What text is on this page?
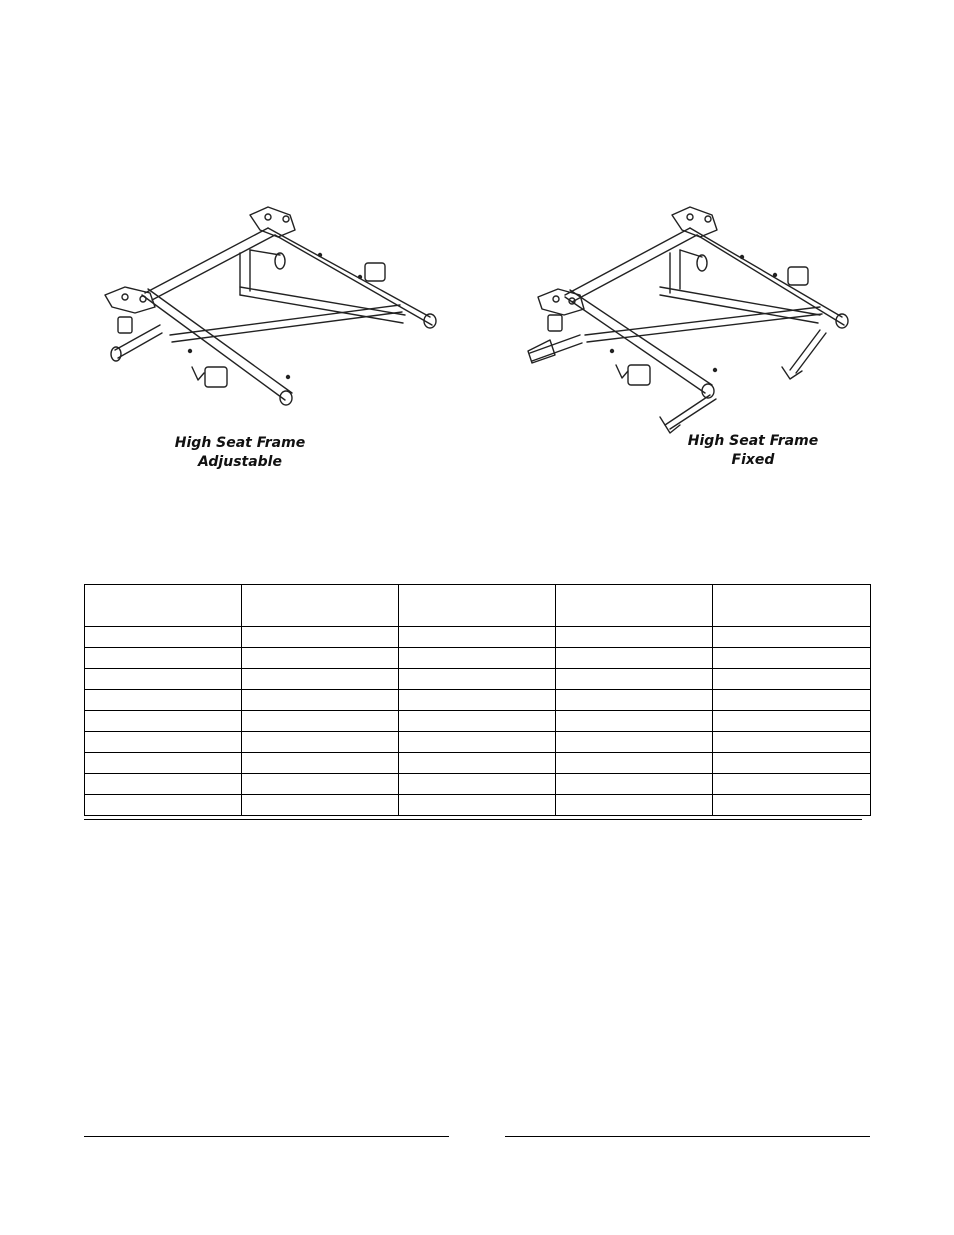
High Seat Frame
Adjustable
High Seat Frame
Fixed
